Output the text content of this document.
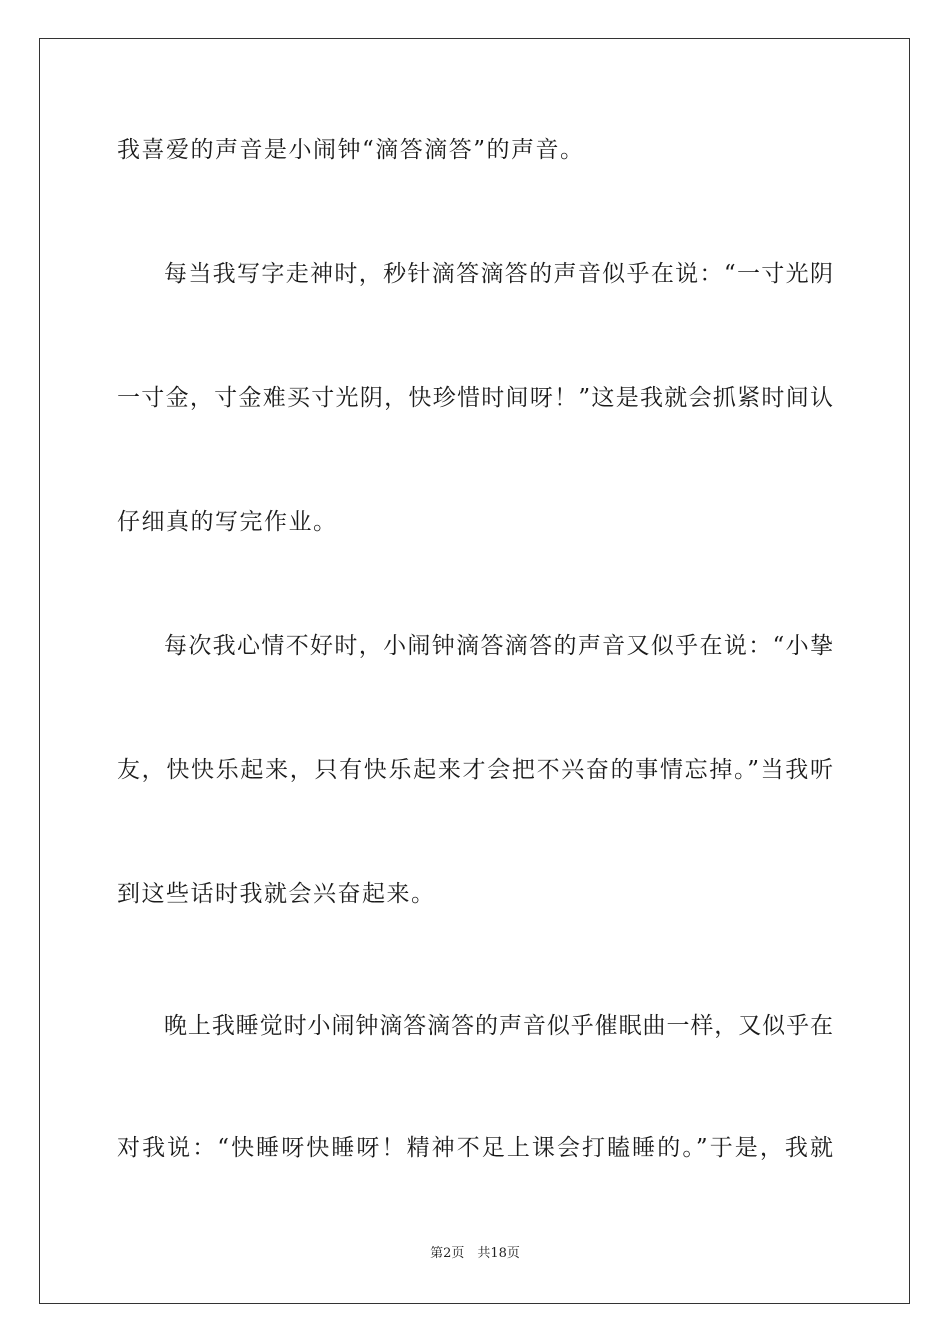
我喜爱的声音是小闹钟“滴答滴答”的声音。
每当我写字走神时，秒针滴答滴答的声音似乎在说：“一寸光阴
一寸金，寸金难买寸光阴，快珍惜时间呀！”这是我就会抓紧时间认
仔细真的写完作业。
每次我心情不好时，小闹钟滴答滴答的声音又似乎在说：“小挚
友，快快乐起来，只有快乐起来才会把不兴奋的事情忘掉。”当我听
到这些话时我就会兴奋起来。
晚上我睡觉时小闹钟滴答滴答的声音似乎催眠曲一样，又似乎在
对我说：“快睡呀快睡呀！精神不足上课会打瞌睡的。”于是，我就
第2页　共18页
